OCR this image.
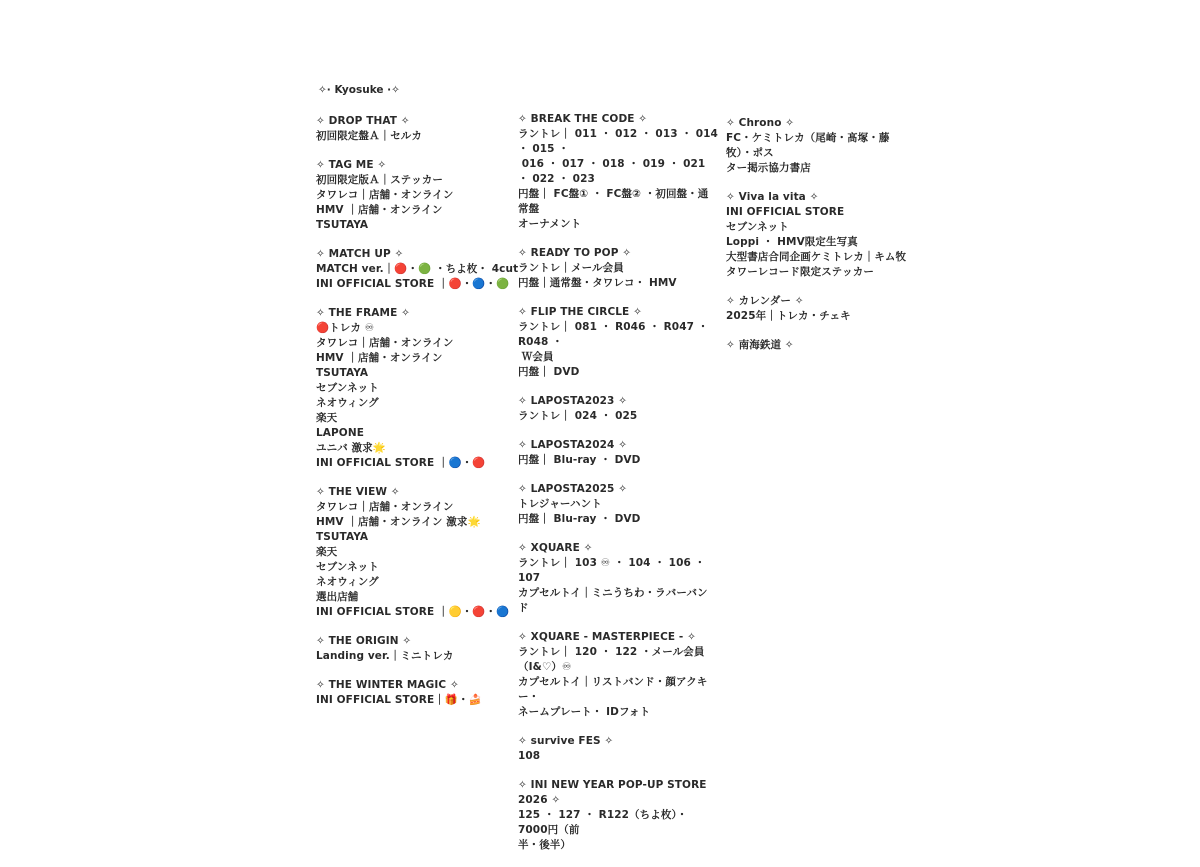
✧· Kyosuke ·✧
✧ DROP THAT ✧
初回限定盤Ａ｜セルカ
✧ TAG ME ✧
初回限定版Ａ｜ステッカー
タワレコ｜店舗・オンライン
HMV ｜店舗・オンライン
TSUTAYA
✧ MATCH UP ✧
MATCH ver.｜🔴・🟢 ・ちよ枚・ 4cut
INI OFFICIAL STORE ｜🔴・🔵・🟢
✧ THE FRAME ✧
🔴トレカ ♾
タワレコ｜店舗・オンライン
HMV ｜店舗・オンライン
TSUTAYA
セブンネット
ネオウィング
楽天
LAPONE
ユニバ 激求🌟
INI OFFICIAL STORE ｜🔵・🔴
✧ THE VIEW ✧
タワレコ｜店舗・オンライン
HMV ｜店舗・オンライン 激求🌟
TSUTAYA
楽天
セブンネット
ネオウィング
選出店舗
INI OFFICIAL STORE ｜🟡・🔴・🔵
✧ THE ORIGIN ✧
Landing ver.｜ミニトレカ
✧ THE WINTER MAGIC ✧
INI OFFICIAL STORE｜🎁・🍰
✧ BREAK THE CODE ✧
ラントレ｜ 011 ・ 012 ・ 013 ・ 014 ・ 015 ・
016 ・ 017 ・ 018 ・ 019 ・ 021 ・ 022 ・ 023
円盤｜ FC盤① ・ FC盤② ・初回盤・通常盤
オーナメント
✧ READY TO POP ✧
ラントレ｜メール会員
円盤｜通常盤・タワレコ・ HMV
✧ FLIP THE CIRCLE ✧
ラントレ｜ 081 ・ R046 ・ R047 ・ R048 ・
Ｗ会員
円盤｜ DVD
✧ LAPOSTA2023 ✧
ラントレ｜ 024 ・ 025
✧ LAPOSTA2024 ✧
円盤｜ Blu-ray ・ DVD
✧ LAPOSTA2025 ✧
トレジャーハント
円盤｜ Blu-ray ・ DVD
✧ XQUARE ✧
ラントレ｜ 103 ♾ ・ 104 ・ 106 ・ 107
カプセルトイ｜ミニうちわ・ラバーバンド
✧ XQUARE - MASTERPIECE - ✧
ラントレ｜ 120 ・ 122 ・メール会員（I&♡）♾
カプセルトイ｜リストバンド・顔アクキー・
ネームプレート・ IDフォト
✧ survive FES ✧
108
✧ INI NEW YEAR POP-UP STORE 2026 ✧
125 ・ 127 ・ R122（ちよ枚）・ 7000円（前
半・後半）
✧ Chrono ✧
FC・ケミトレカ（尾崎・髙塚・藤牧）・ポス
ター掲示協力書店
✧ Viva la vita ✧
INI OFFICIAL STORE
セブンネット
Loppi ・ HMV限定生写真
大型書店合同企画ケミトレカ｜キム牧
タワーレコード限定ステッカー
✧ カレンダー ✧
2025年｜トレカ・チェキ
✧ 南海鉄道 ✧
